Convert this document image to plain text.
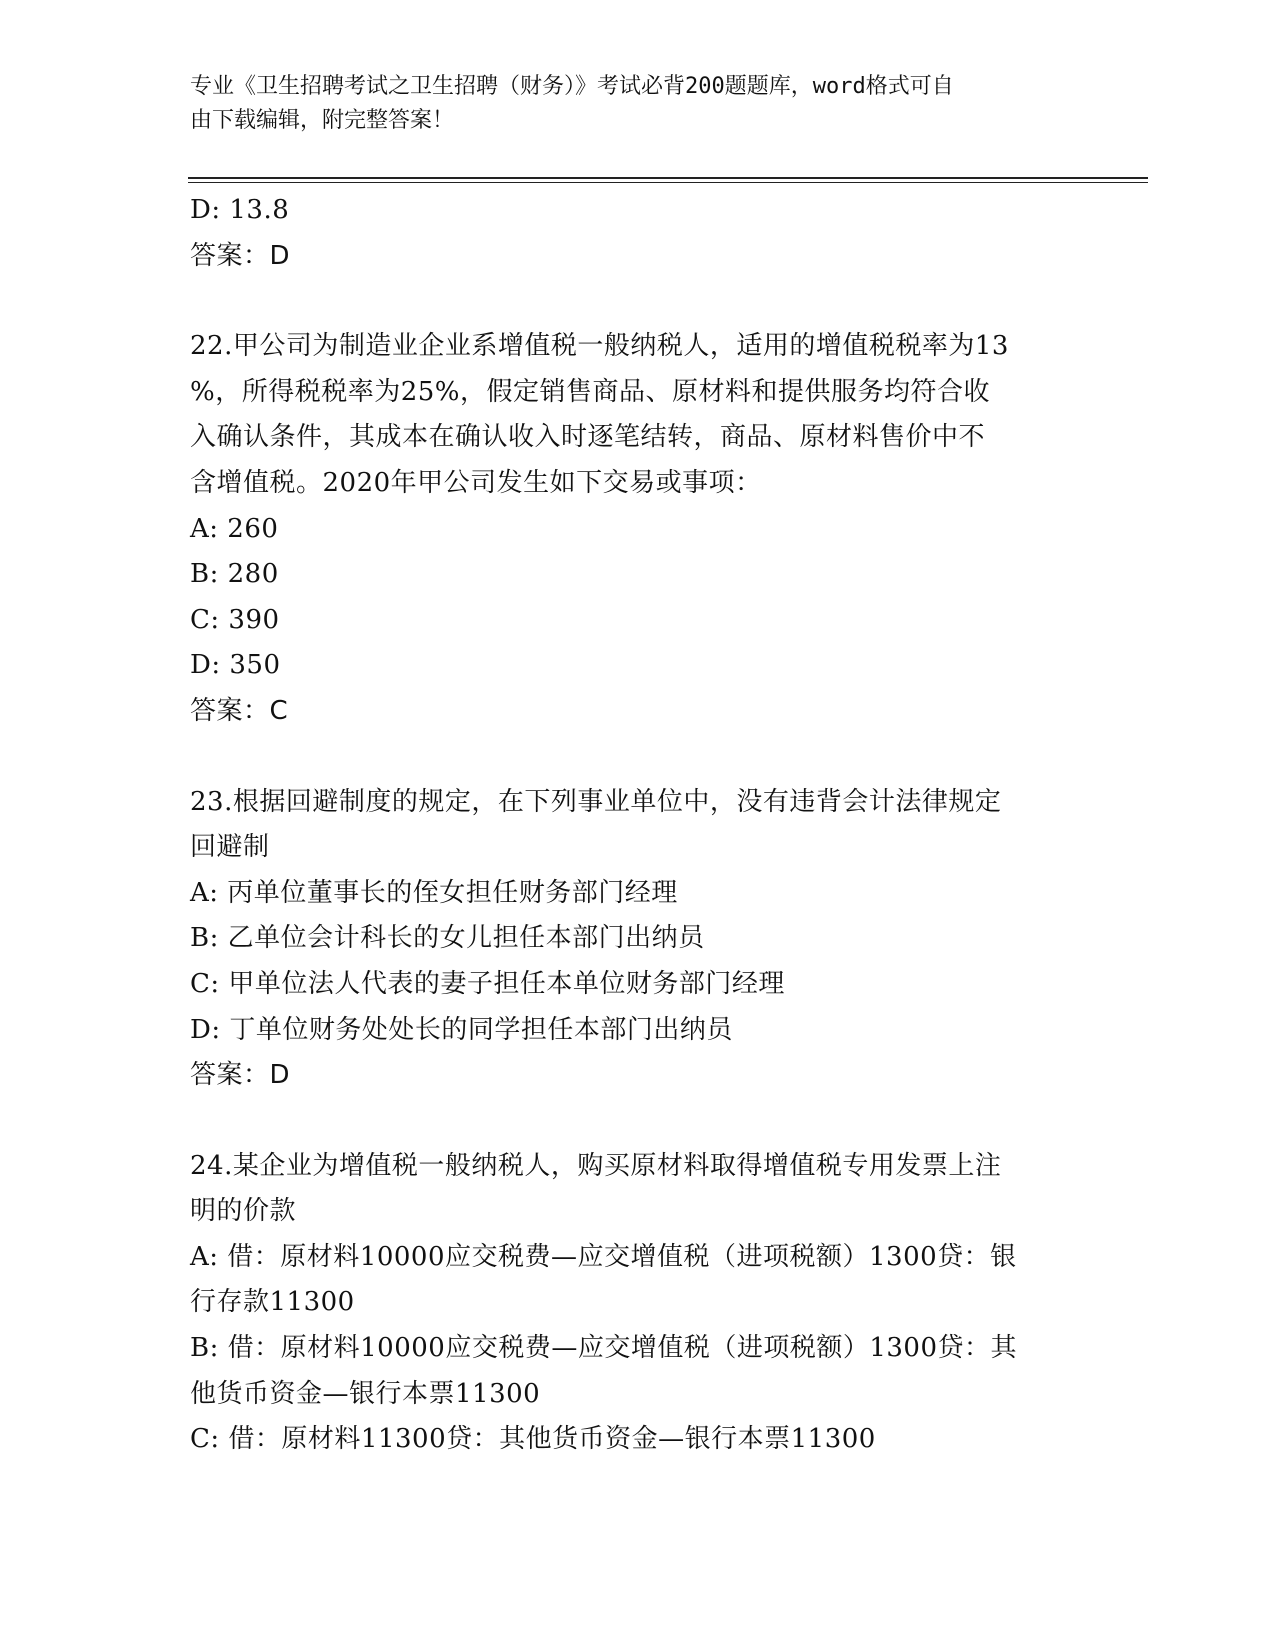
专业《卫生招聘考试之卫生招聘（财务）》考试必背200题题库，word格式可自
由下载编辑，附完整答案！
D: 13.8
答案：D
22.甲公司为制造业企业系增值税一般纳税人，适用的增值税税率为13
%，所得税税率为25%，假定销售商品、原材料和提供服务均符合收
入确认条件，其成本在确认收入时逐笔结转，商品、原材料售价中不
含增值税。2020年甲公司发生如下交易或事项：
A: 260
B: 280
C: 390
D: 350
答案：C
23.根据回避制度的规定，在下列事业单位中，没有违背会计法律规定
回避制
A: 丙单位董事长的侄女担任财务部门经理
B: 乙单位会计科长的女儿担任本部门出纳员
C: 甲单位法人代表的妻子担任本单位财务部门经理
D: 丁单位财务处处长的同学担任本部门出纳员
答案：D
24.某企业为增值税一般纳税人，购买原材料取得增值税专用发票上注
明的价款
A: 借：原材料10000应交税费—应交增值税（进项税额）1300贷：银
行存款11300
B: 借：原材料10000应交税费—应交增值税（进项税额）1300贷：其
他货币资金—银行本票11300
C: 借：原材料11300贷：其他货币资金—银行本票11300
